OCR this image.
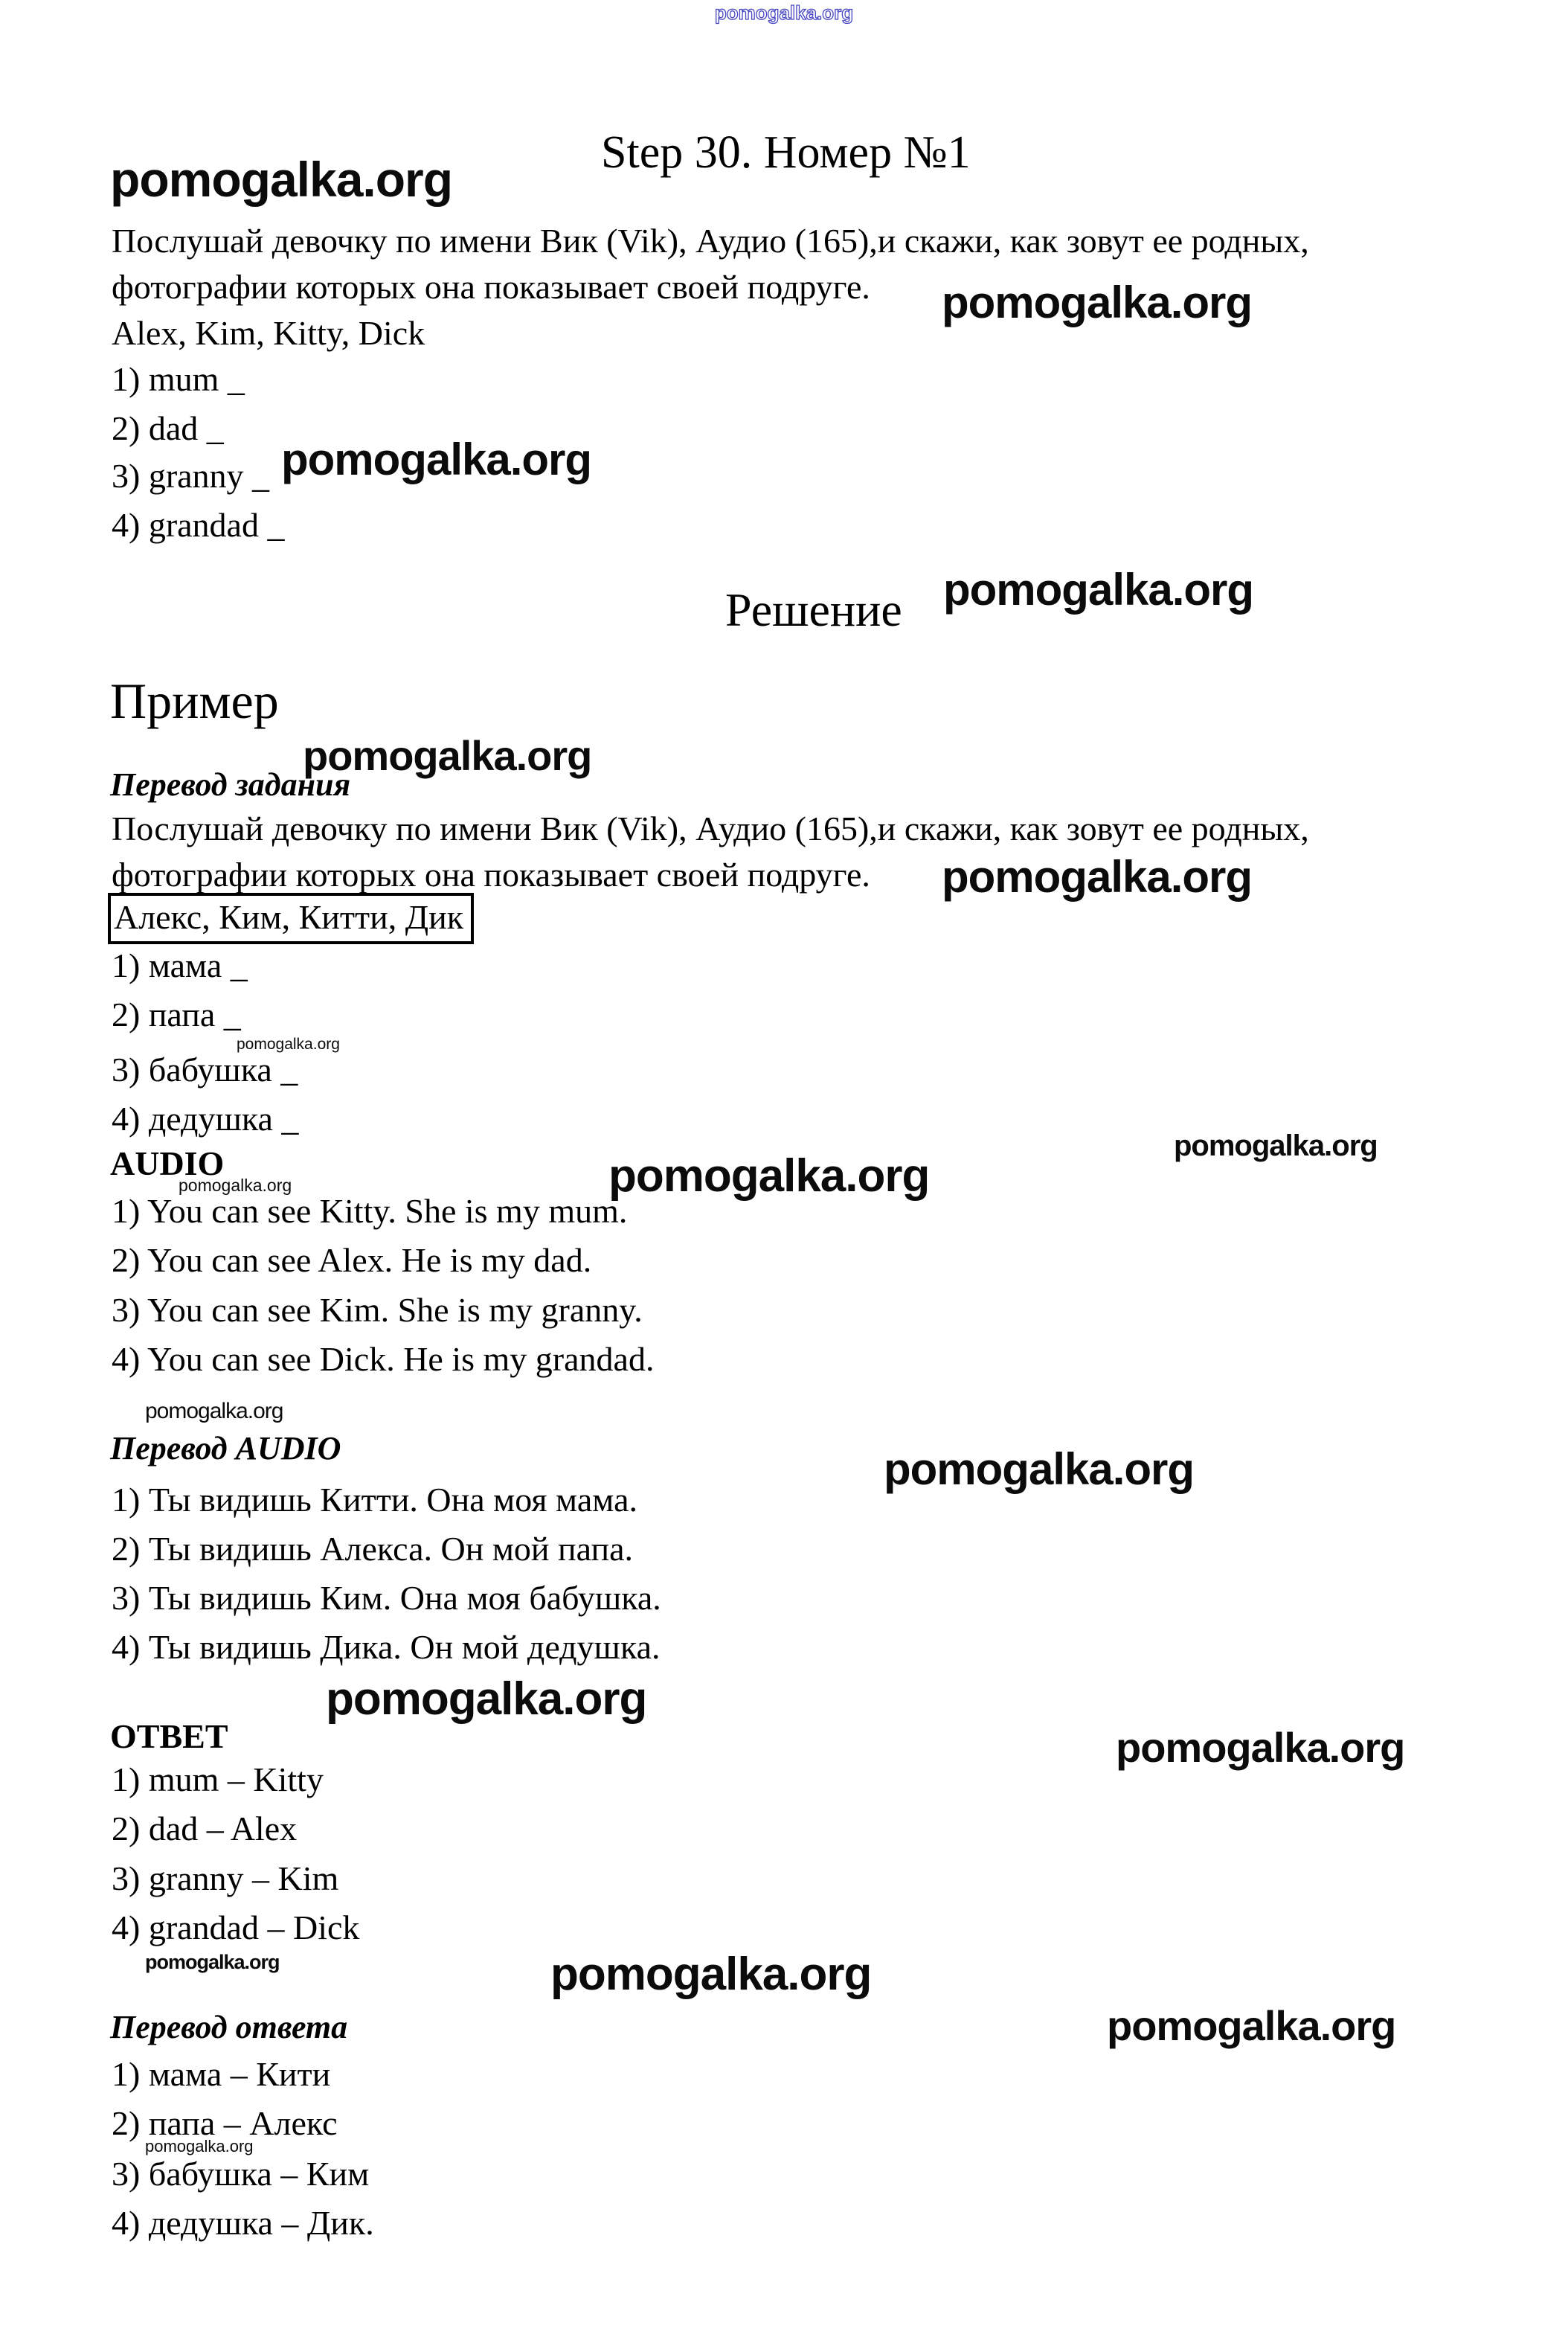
pomogalka.org
pomogalka.org	Step 30. Номер №1
Послушай девочку по имени Вик (Vik), Аудио (165),и скажи, как зовут ее родных,
фотографии которых она показывает своей подруге. pomogalka.org
Alex, Kim, Kitty, Dick
1) mum _
2) dad _
pomogalka.org
3) granny _
4) grandad _
Решение pomogalka.org
Пример
pomogalka.org
Перевод задания
Послушай девочку по имени Вик (Vik), Аудио (165),и скажи, как зовут ее родных,
фотографии которых она показывает своей подруге. pomogalka.org
Алекс, Ким, Китти, Дик
1) мама _
2) папа _
pomogalka.org
3) бабушка _
4) дедушка _
AUDIO	pomogalka.org
pomogalka.org
pomogalka.org
1) You can see Kitty. She is my mum.
2) You can see Alex. He is my dad.
3) You can see Kim. She is my granny.
4) You can see Dick. He is my grandad.
pomogalka.org
Перевод AUDIO	pomogalka.org
1) Ты видишь Китти. Она моя мама.
2) Ты видишь Алекса. Он мой папа.
3) Ты видишь Ким. Она моя бабушка.
4) Ты видишь Дика. Он мой дедушка.
pomogalka.org
ОТВЕТ	pomogalka.org
1) mum – Kitty
2) dad – Alex
3) granny – Kim
4) grandad – Dick
pomogalka.org	pomogalka.org
Перевод ответа	pomogalka.org
1) мама – Кити
2) папа – Алекс
pomogalka.org
3) бабушка – Ким
4) дедушка – Дик.
